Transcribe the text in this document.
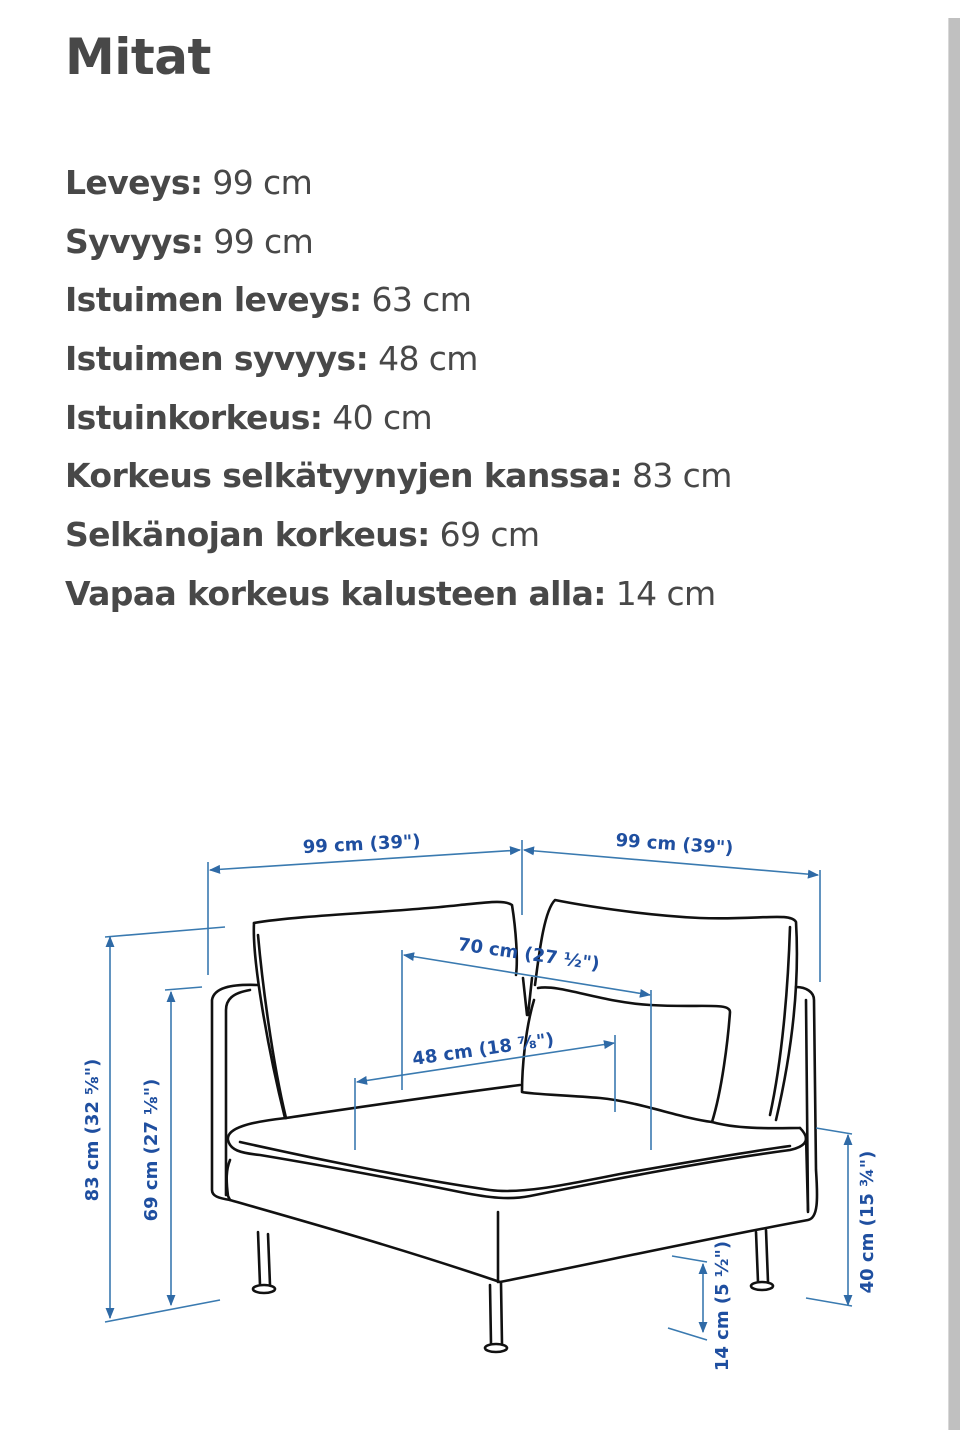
Mitat
Leveys: 99 cm
Syvyys: 99 cm
Istuimen leveys: 63 cm
Istuimen syvyys: 48 cm
Istuinkorkeus: 40 cm
Korkeus selkätyynyjen kanssa: 83 cm
Selkänojan korkeus: 69 cm
Vapaa korkeus kalusteen alla: 14 cm
99 cm (39")	99 cm (39")
70 cm (27 ½")
48 cm (18 ⅞")
83 cm (32 ⅝") 69 cm (27 ⅛")
40 cm (15 ¾")
14 cm (5 ½")
